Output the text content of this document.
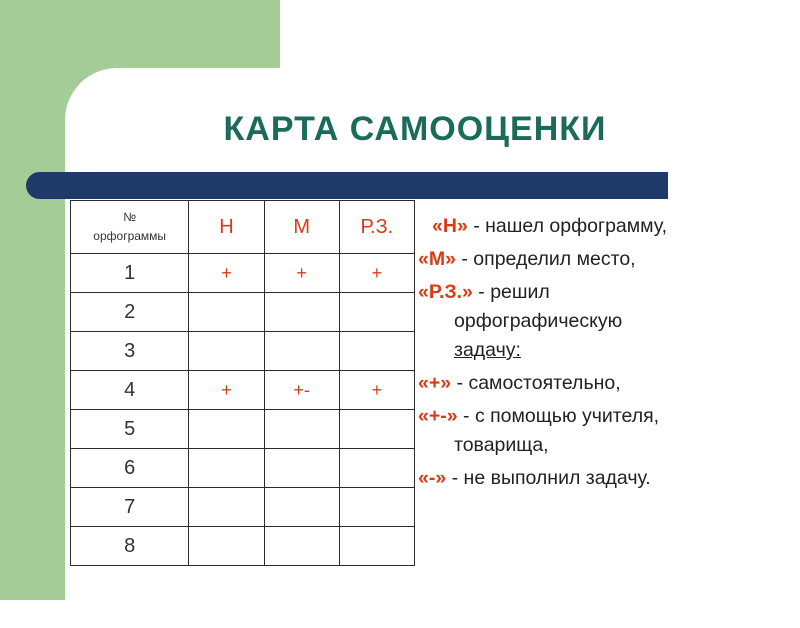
КАРТА САМООЦЕНКИ
№
орфограммы	Н	М	Р.З.
1	+	+	+
2			
3			
4	+	+-	+
5			
6			
7			
8			
«Н» - нашел орфограмму,
«М» - определил место,
«Р.З.» - решил
орфографическую
задачу:
«+» - самостоятельно,
«+-» - с помощью учителя,
товарища,
«-» - не выполнил задачу.
